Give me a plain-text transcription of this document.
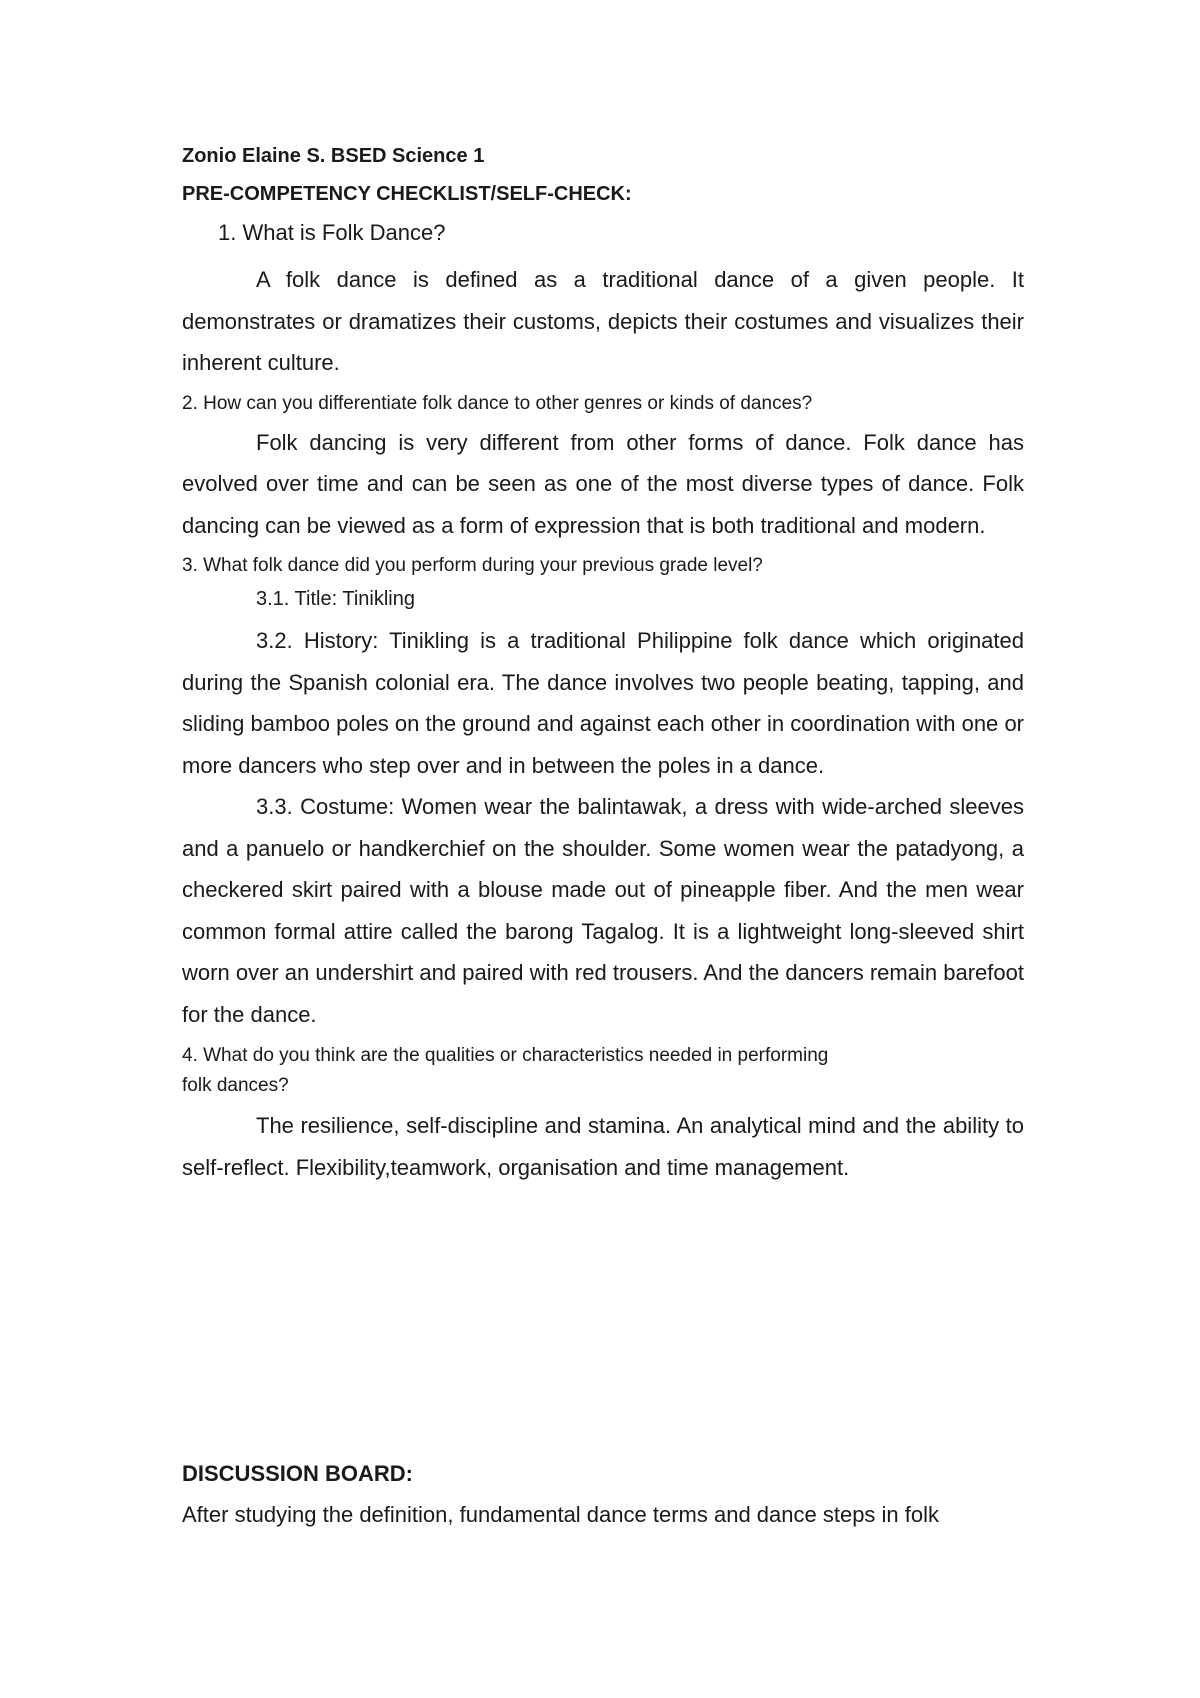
Zonio Elaine S. BSED Science 1

PRE-COMPETENCY CHECKLIST/SELF-CHECK:

1. What is Folk Dance?

A folk dance is defined as a traditional dance of a given people. It demonstrates or dramatizes their customs, depicts their costumes and visualizes their inherent culture.

2. How can you differentiate folk dance to other genres or kinds of dances?

Folk dancing is very different from other forms of dance. Folk dance has evolved over time and can be seen as one of the most diverse types of dance. Folk dancing can be viewed as a form of expression that is both traditional and modern.

3. What folk dance did you perform during your previous grade level?

3.1. Title: Tinikling

3.2. History: Tinikling is a traditional Philippine folk dance which originated during the Spanish colonial era. The dance involves two people beating, tapping, and sliding bamboo poles on the ground and against each other in coordination with one or more dancers who step over and in between the poles in a dance.

3.3. Costume: Women wear the balintawak, a dress with wide-arched sleeves and a panuelo or handkerchief on the shoulder. Some women wear the patadyong, a checkered skirt paired with a blouse made out of pineapple fiber. And the men wear common formal attire called the barong Tagalog. It is a lightweight long-sleeved shirt worn over an undershirt and paired with red trousers. And the dancers remain barefoot for the dance.

4. What do you think are the qualities or characteristics needed in performing

folk dances?

The resilience, self-discipline and stamina. An analytical mind and the ability to self-reflect. Flexibility,teamwork, organisation and time management.

DISCUSSION BOARD:

After studying the definition, fundamental dance terms and dance steps in folk
